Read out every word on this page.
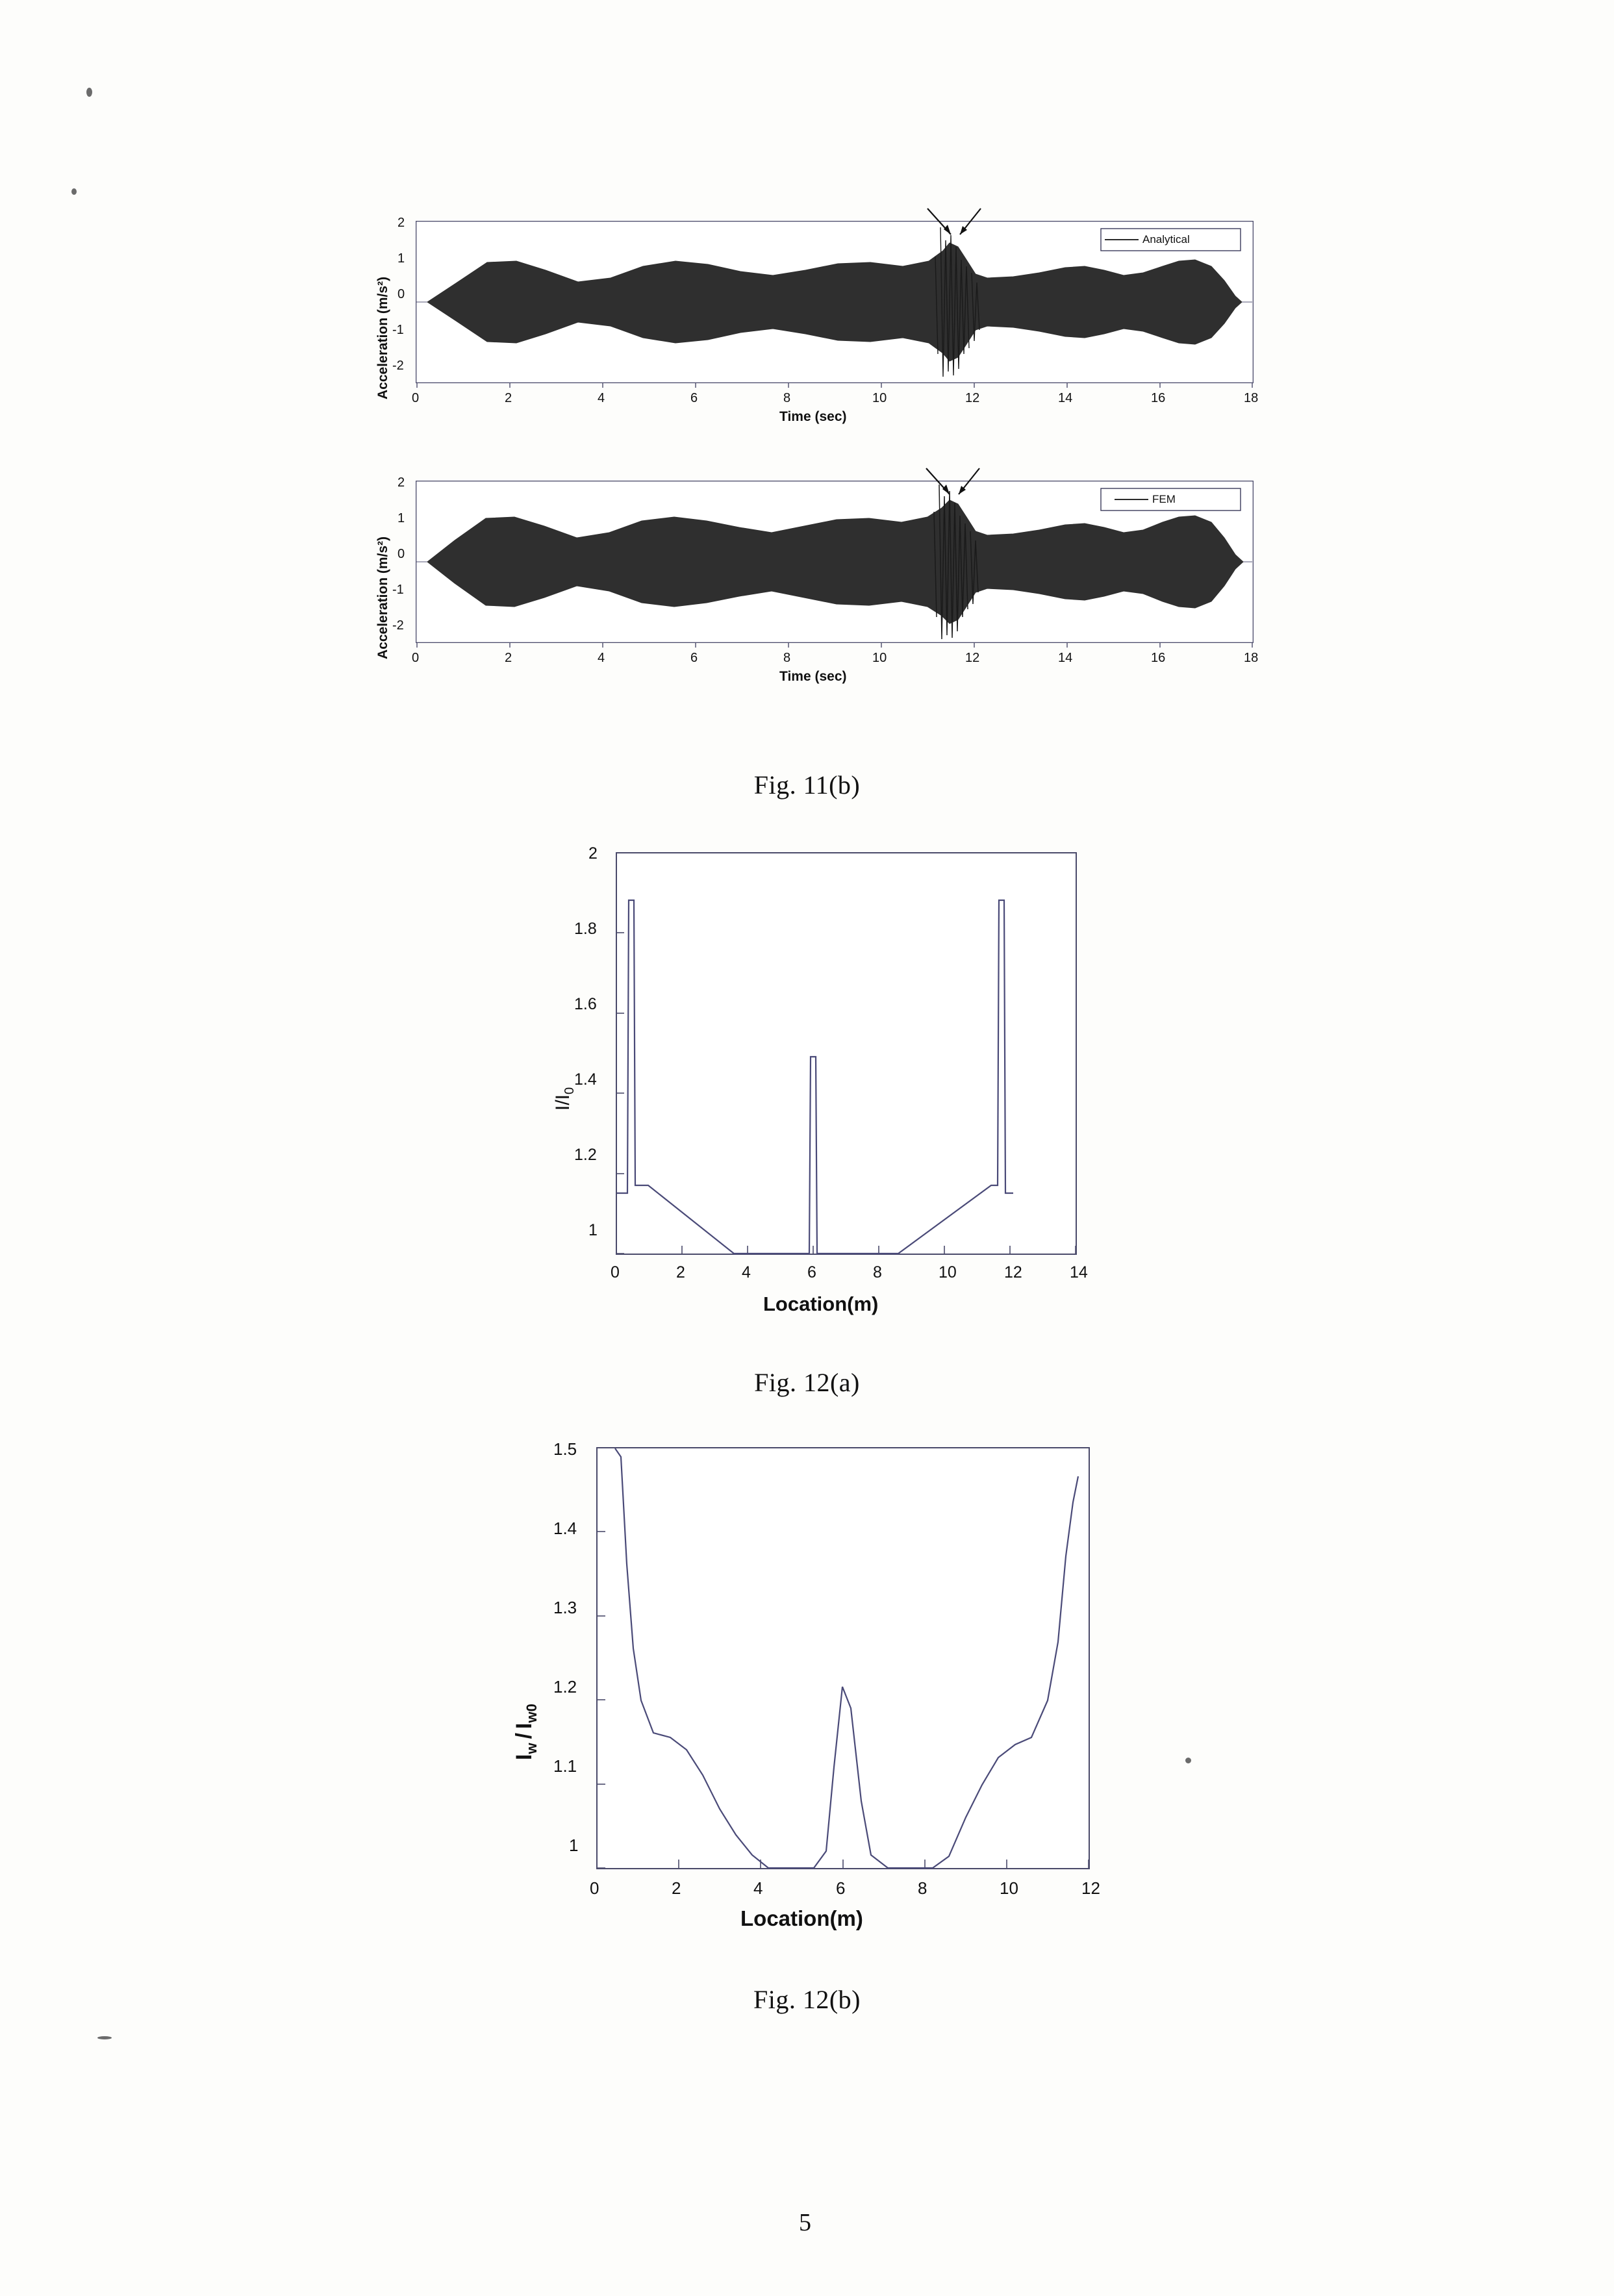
Acceleration (m/s²)
2
1
0
-1
-2
Analytical
0	2	4	6	8	10	12	14	16	18
Time (sec)
Acceleration (m/s²)
2
1
0
-1
-2
FEM
0	2	4	6	8	10	12	14	16	18
Time (sec)
Fig. 11(b)
$I/I_0$
2
1.8
1.6
1.4
1.2
1
0	2	4	6	8	10	12	14
Location(m)
Fig. 12(a)
$I_w/I_{w0}$
1.5
1.4
1.3
1.2
1.1
1
0	2	4	6	8	10	12
Location(m)
Fig. 12(b)
5
